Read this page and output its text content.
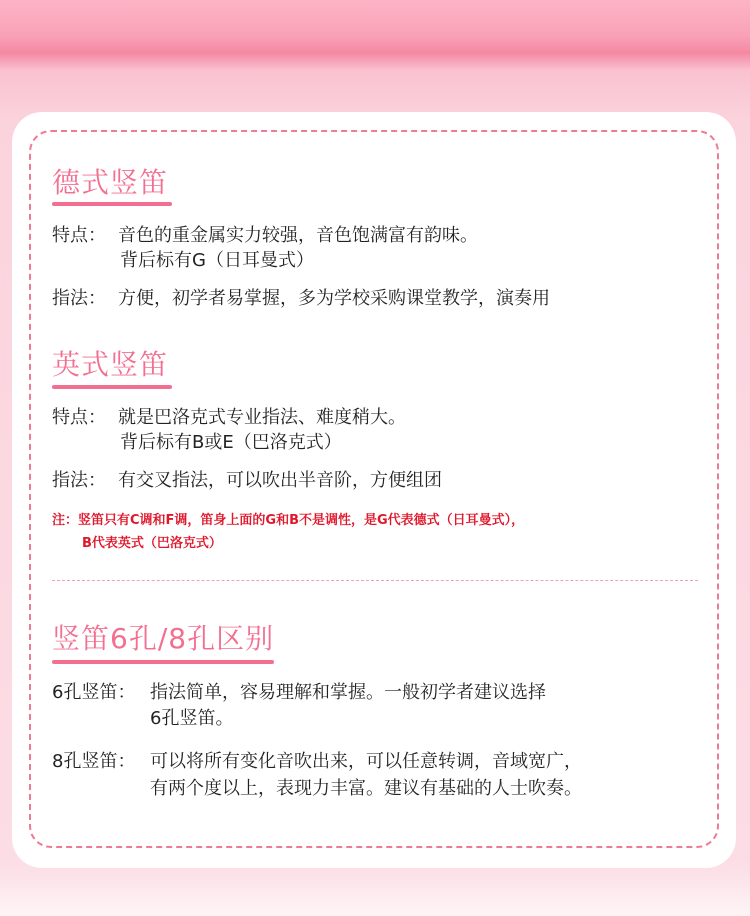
德式竖笛
特点： 音色的重金属实力较强，音色饱满富有韵味。
背后标有G（日耳曼式）
指法： 方便，初学者易掌握，多为学校采购课堂教学，演奏用
英式竖笛
特点： 就是巴洛克式专业指法、难度稍大。
背后标有B或E（巴洛克式）
指法： 有交叉指法，可以吹出半音阶，方便组团
注：竖笛只有C调和F调，笛身上面的G和B不是调性，是G代表德式（日耳曼式），
B代表英式（巴洛克式）
竖笛6孔/8孔区别
6孔竖笛： 指法简单，容易理解和掌握。一般初学者建议选择
6孔竖笛。
8孔竖笛： 可以将所有变化音吹出来，可以任意转调，音域宽广，
有两个度以上，表现力丰富。建议有基础的人士吹奏。
